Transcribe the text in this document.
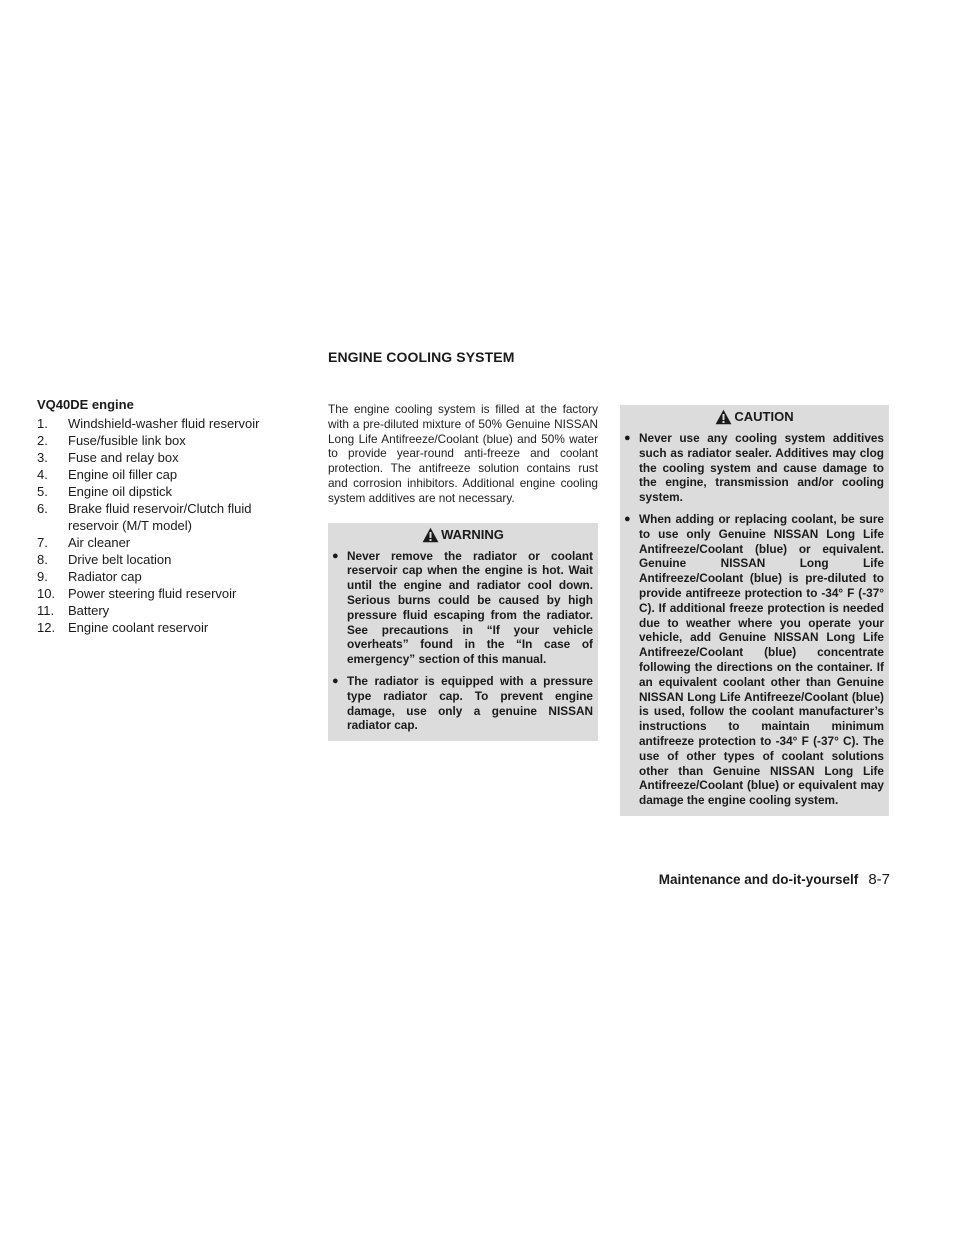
ENGINE COOLING SYSTEM
VQ40DE engine
1.	Windshield-washer fluid reservoir
2.	Fuse/fusible link box
3.	Fuse and relay box
4.	Engine oil filler cap
5.	Engine oil dipstick
6.	Brake fluid reservoir/Clutch fluid reservoir (M/T model)
7.	Air cleaner
8.	Drive belt location
9.	Radiator cap
10. Power steering fluid reservoir
11.	Battery
12. Engine coolant reservoir

The engine cooling system is filled at the factory with a pre-diluted mixture of 50% Genuine NISSAN Long Life Antifreeze/Coolant (blue) and 50% water to provide year-round anti-freeze and coolant protection. The antifreeze solution contains rust and corrosion inhibitors. Additional engine cooling system additives are not necessary.

WARNING
● Never remove the radiator or coolant reservoir cap when the engine is hot. Wait until the engine and radiator cool down. Serious burns could be caused by high pressure fluid escaping from the radiator. See precautions in “If your vehicle overheats” found in the “In case of emergency” section of this manual.
● The radiator is equipped with a pressure type radiator cap. To prevent engine damage, use only a genuine NISSAN radiator cap.
CAUTION
● Never use any cooling system additives such as radiator sealer. Additives may clog the cooling system and cause damage to the engine, transmission and/or cooling system.
● When adding or replacing coolant, be sure to use only Genuine NISSAN Long Life Antifreeze/Coolant (blue) or equivalent. Genuine NISSAN Long Life Antifreeze/Coolant (blue) is pre-diluted to provide antifreeze protection to -34° F (-37° C). If additional freeze protection is needed due to weather where you operate your vehicle, add Genuine NISSAN Long Life Antifreeze/Coolant (blue) concentrate following the directions on the container. If an equivalent coolant other than Genuine NISSAN Long Life Antifreeze/Coolant (blue) is used, follow the coolant manufacturer’s instructions to maintain minimum antifreeze protection to -34° F (-37° C). The use of other types of coolant solutions other than Genuine NISSAN Long Life Antifreeze/Coolant (blue) or equivalent may damage the engine cooling system.
Maintenance and do-it-yourself 8-7
